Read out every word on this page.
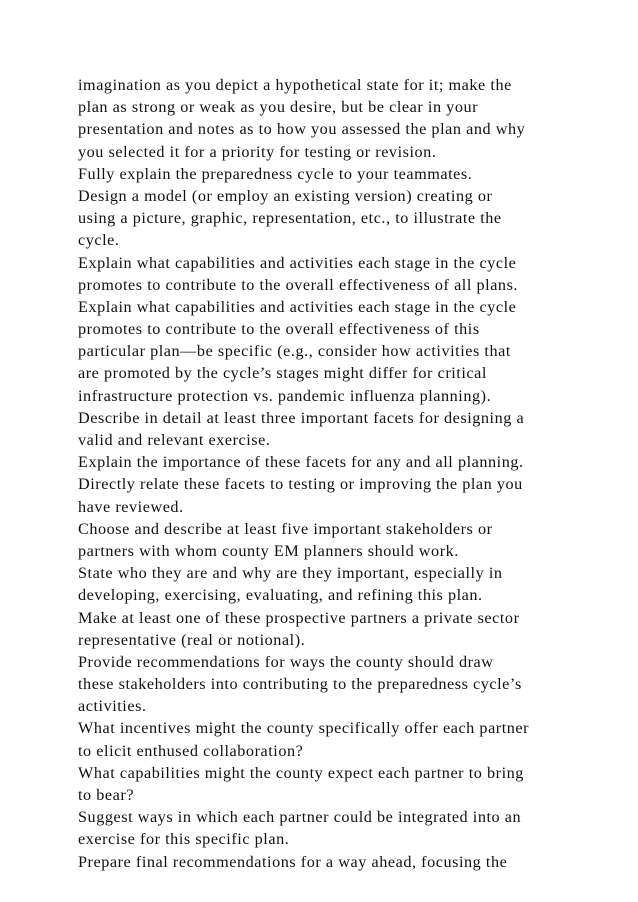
imagination as you depict a hypothetical state for it; make the
plan as strong or weak as you desire, but be clear in your
presentation and notes as to how you assessed the plan and why
you selected it for a priority for testing or revision.
Fully explain the preparedness cycle to your teammates.
Design a model (or employ an existing version) creating or
using a picture, graphic, representation, etc., to illustrate the
cycle.
Explain what capabilities and activities each stage in the cycle
promotes to contribute to the overall effectiveness of all plans.
Explain what capabilities and activities each stage in the cycle
promotes to contribute to the overall effectiveness of this
particular plan—be specific (e.g., consider how activities that
are promoted by the cycle’s stages might differ for critical
infrastructure protection vs. pandemic influenza planning).
Describe in detail at least three important facets for designing a
valid and relevant exercise.
Explain the importance of these facets for any and all planning.
Directly relate these facets to testing or improving the plan you
have reviewed.
Choose and describe at least five important stakeholders or
partners with whom county EM planners should work.
State who they are and why are they important, especially in
developing, exercising, evaluating, and refining this plan.
Make at least one of these prospective partners a private sector
representative (real or notional).
Provide recommendations for ways the county should draw
these stakeholders into contributing to the preparedness cycle’s
activities.
What incentives might the county specifically offer each partner
to elicit enthused collaboration?
What capabilities might the county expect each partner to bring
to bear?
Suggest ways in which each partner could be integrated into an
exercise for this specific plan.
Prepare final recommendations for a way ahead, focusing the
